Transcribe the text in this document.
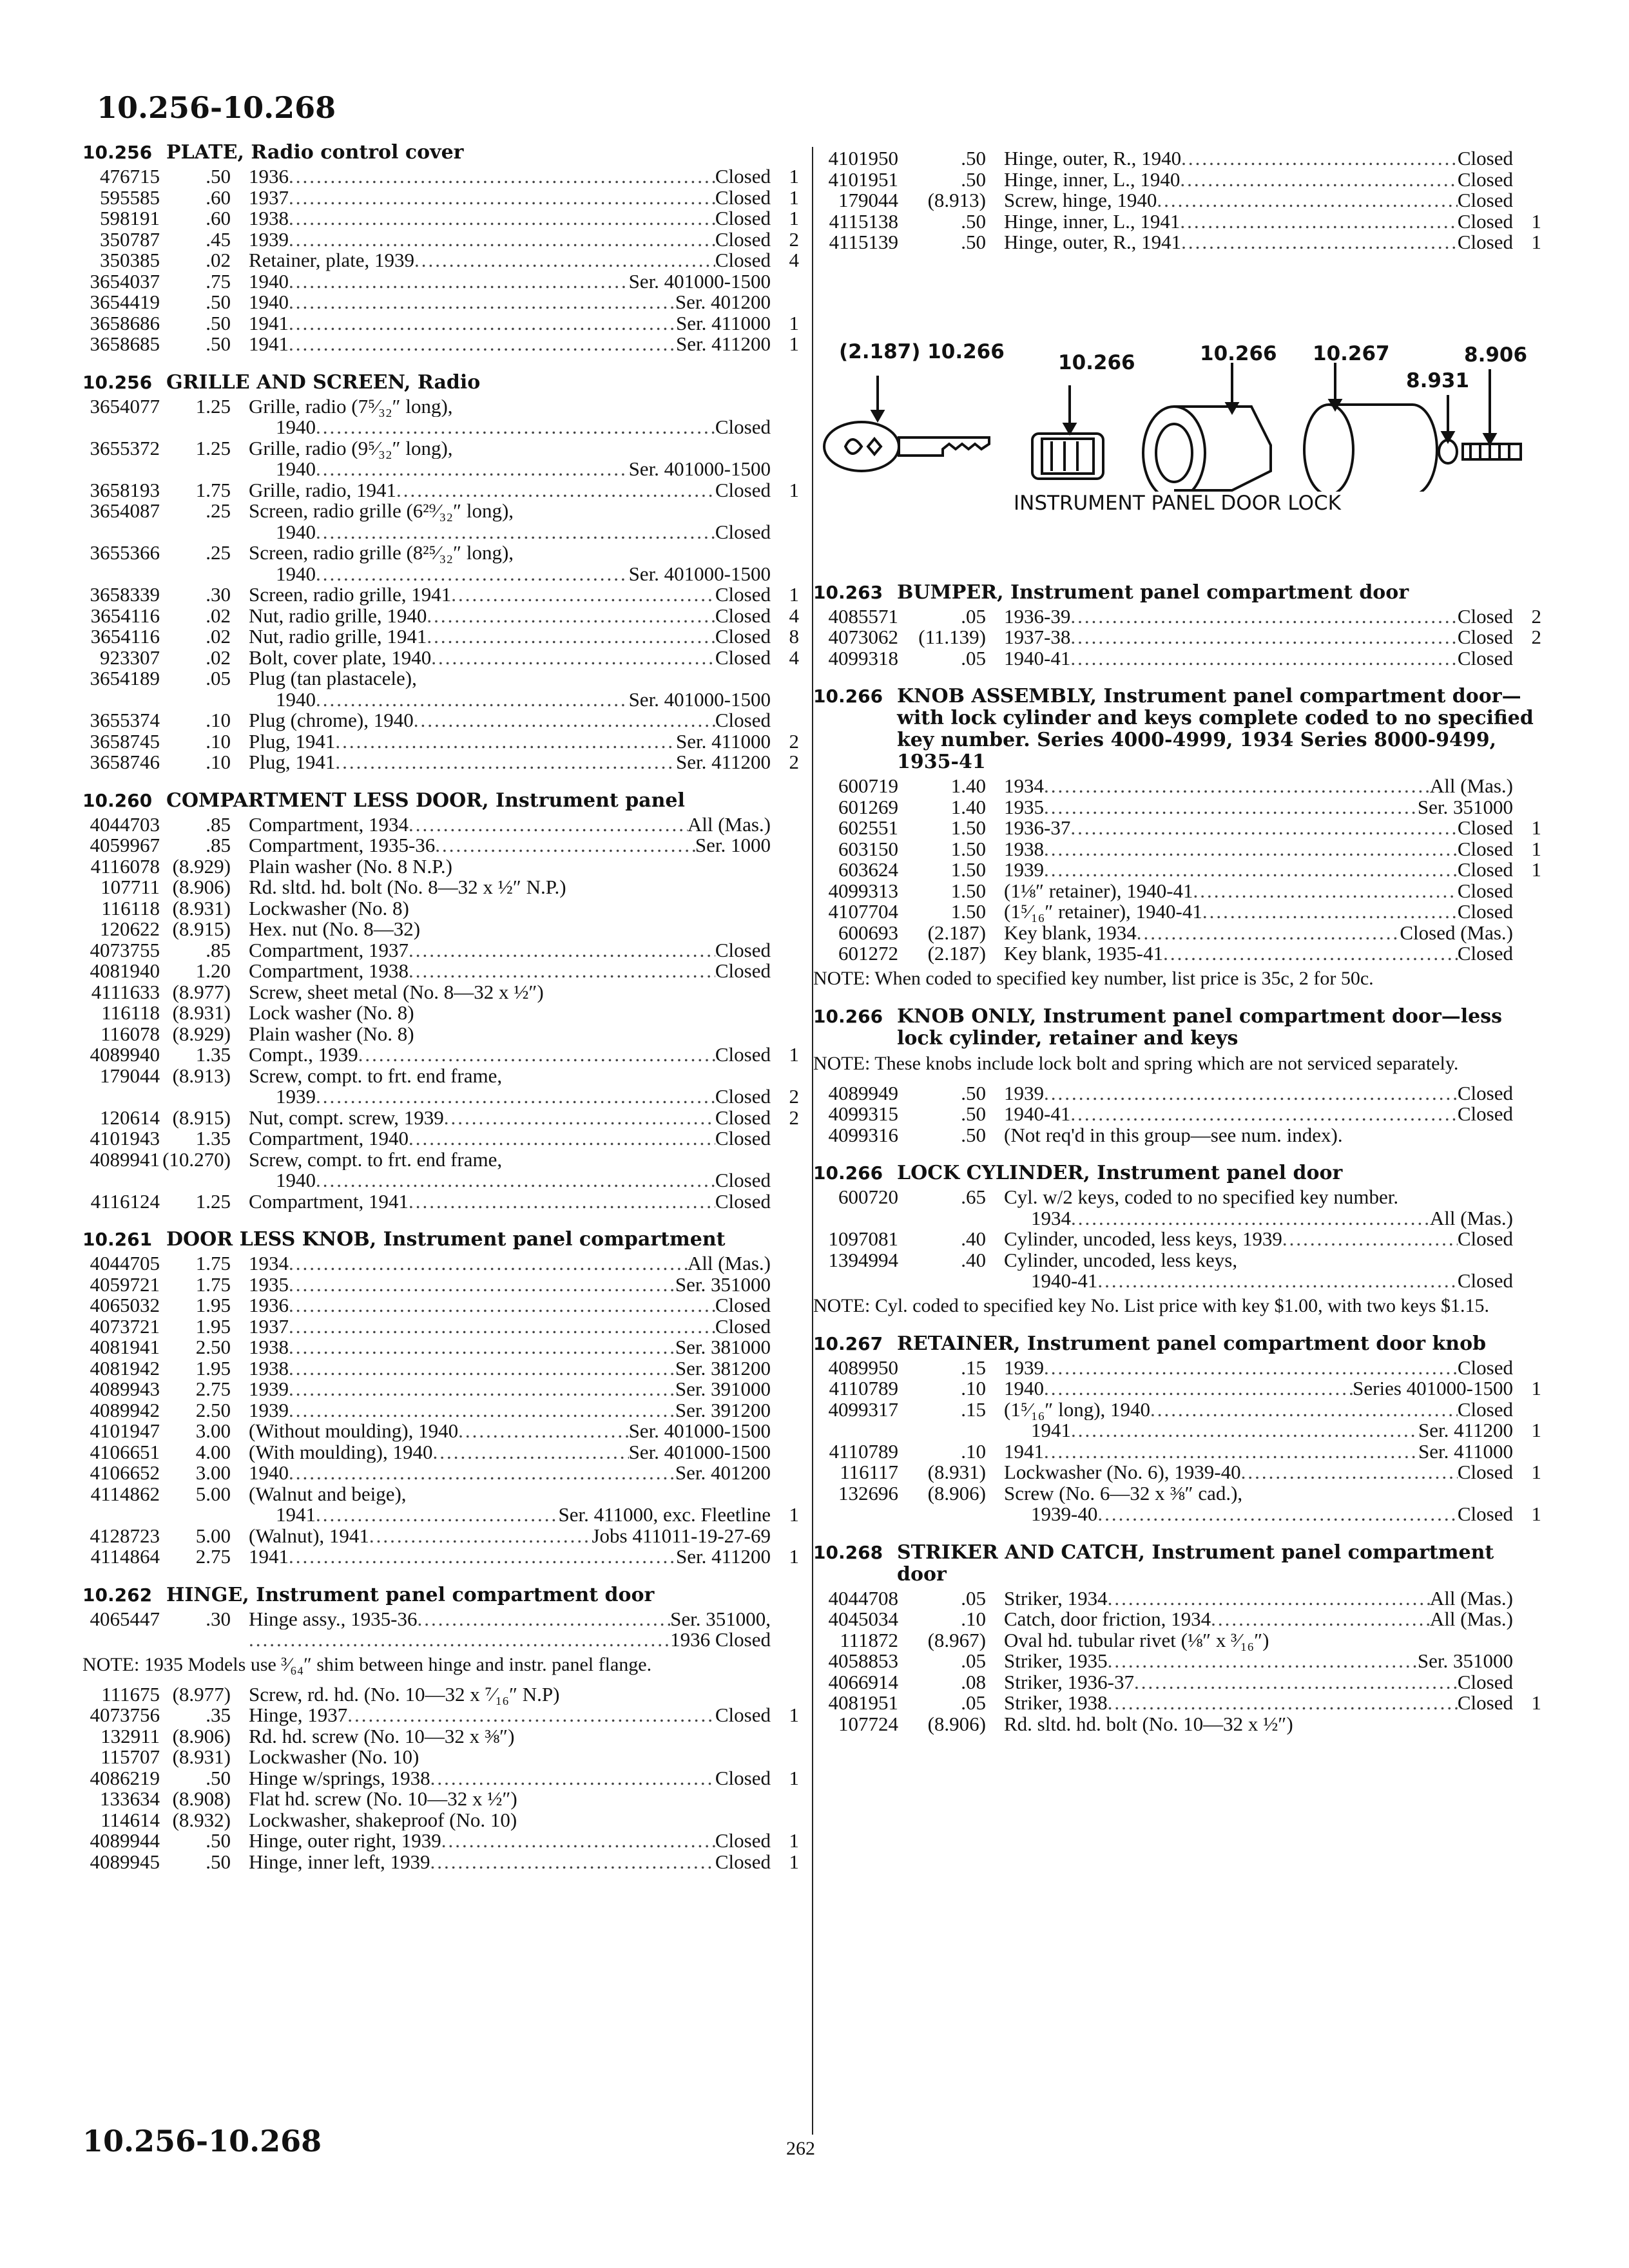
10.256-10.268
10.256 PLATE, Radio control cover
476715	.50 1936 .....	Closed 1
595585	.60 1937 .....	Closed 1
598191	.60 1938 .....	Closed 1
350787	.45 1939 .....	Closed 2
350385	.02 Retainer, plate, 1939 .....	Closed 4
3654037	.75 1940 .....	Ser. 401000-1500
3654419	.50 1940 .....	Ser. 401200
3658686	.50 1941 .....	Ser. 411000 1
3658685	.50 1941 .....	Ser. 411200 1
10.256 GRILLE AND SCREEN, Radio
3654077	1.25 Grille, radio (7⁵⁄₃₂″ long),
1940 .....	Closed
3655372	1.25 Grille, radio (9⁵⁄₃₂″ long),
1940 .....	Ser. 401000-1500
3658193	1.75 Grille, radio, 1941 .....	Closed 1
3654087	.25 Screen, radio grille (6²⁹⁄₃₂″ long),
1940 .....	Closed
3655366	.25 Screen, radio grille (8²⁵⁄₃₂″ long),
1940 .....	Ser. 401000-1500
3658339	.30 Screen, radio grille, 1941 .....	Closed 1
3654116	.02 Nut, radio grille, 1940 .....	Closed 4
3654116	.02 Nut, radio grille, 1941 .....	Closed 8
923307	.02 Bolt, cover plate, 1940 .....	Closed 4
3654189	.05 Plug (tan plastacele),
1940 .....	Ser. 401000-1500
3655374	.10 Plug (chrome), 1940 .....	Closed
3658745	.10 Plug, 1941 .....	Ser. 411000 2
3658746	.10 Plug, 1941 .....	Ser. 411200 2
10.260 COMPARTMENT LESS DOOR, Instrument panel
4044703	.85 Compartment, 1934 .....	All (Mas.)
4059967	.85 Compartment, 1935-36 .....	Ser. 1000
4116078 (8.929) Plain washer (No. 8 N.P.)
107711 (8.906) Rd. sltd. hd. bolt (No. 8—32 x ½″ N.P.)
116118 (8.931) Lockwasher (No. 8)
120622 (8.915) Hex. nut (No. 8—32)
4073755	.85 Compartment, 1937 .....	Closed
4081940	1.20 Compartment, 1938 .....	Closed
4111633 (8.977) Screw, sheet metal (No. 8—32 x ½″)
116118 (8.931) Lock washer (No. 8)
116078 (8.929) Plain washer (No. 8)
4089940	1.35 Compt., 1939 .....	Closed 1
179044 (8.913) Screw, compt. to frt. end frame,
1939 .....	Closed 2
120614 (8.915) Nut, compt. screw, 1939 .....	Closed 2
4101943	1.35 Compartment, 1940 .....	Closed
4089941 (10.270) Screw, compt. to frt. end frame,
1940 .....	Closed
4116124	1.25 Compartment, 1941 .....	Closed
10.261 DOOR LESS KNOB, Instrument panel compartment
4044705	1.75 1934 .....	All (Mas.)
4059721	1.75 1935 .....	Ser. 351000
4065032	1.95 1936 .....	Closed
4073721	1.95 1937 .....	Closed
4081941	2.50 1938 .....	Ser. 381000
4081942	1.95 1938 .....	Ser. 381200
4089943	2.75 1939 .....	Ser. 391000
4089942	2.50 1939 .....	Ser. 391200
4101947	3.00 (Without moulding), 1940 .....	Ser. 401000-1500
4106651	4.00 (With moulding), 1940 .....	Ser. 401000-1500
4106652	3.00 1940 .....	Ser. 401200
4114862	5.00 (Walnut and beige),
1941 .....	Ser. 411000, exc. Fleetline 1
4128723	5.00 (Walnut), 1941 .....	Jobs 411011-19-27-69
4114864	2.75 1941 .....	Ser. 411200 1
10.262 HINGE, Instrument panel compartment door
4065447	.30 Hinge assy., 1935-36 .....	Ser. 351000,
.....
1936 Closed
NOTE: 1935 Models use ³⁄₆₄″ shim between hinge and instr. panel flange.
111675 (8.977) Screw, rd. hd. (No. 10—32 x ⁷⁄₁₆″ N.P)
4073756	.35 Hinge, 1937 .....	Closed 1
132911 (8.906) Rd. hd. screw (No. 10—32 x ⅜″)
115707 (8.931) Lockwasher (No. 10)
4086219	.50 Hinge w/springs, 1938 .....	Closed 1
133634 (8.908) Flat hd. screw (No. 10—32 x ½″)
114614 (8.932) Lockwasher, shakeproof (No. 10)
4089944	.50 Hinge, outer right, 1939 .....	Closed 1
4089945	.50 Hinge, inner left, 1939 .....	Closed 1
4101950	.50 Hinge, outer, R., 1940 .....	Closed
4101951	.50 Hinge, inner, L., 1940 .....	Closed
179044	(8.913) Screw, hinge, 1940 .....	Closed
4115138	.50 Hinge, inner, L., 1941 .....	Closed 1
4115139	.50 Hinge, outer, R., 1941 .....	Closed 1
(2.187) 10.266	10.266	10.266 10.267	8.906
8.931
INSTRUMENT PANEL DOOR LOCK
10.263 BUMPER, Instrument panel compartment door
4085571	.05 1936-39 .....	Closed 2
4073062	(11.139) 1937-38 .....	Closed 2
4099318	.05 1940-41 .....	Closed
10.266 KNOB ASSEMBLY, Instrument panel compartment door—with lock cylinder and keys complete coded to no specified key number. Series 4000-4999, 1934 Series 8000-9499, 1935-41
600719	1.40 1934 .....	All (Mas.)
601269	1.40 1935 .....	Ser. 351000
602551	1.50 1936-37 .....	Closed 1
603150	1.50 1938 .....	Closed 1
603624	1.50 1939 .....	Closed 1
4099313	1.50 (1⅛″ retainer), 1940-41 .....	Closed
4107704	1.50 (1⁵⁄₁₆″ retainer), 1940-41 .....	Closed
600693	(2.187) Key blank, 1934 .....	Closed (Mas.)
601272	(2.187) Key blank, 1935-41 .....	Closed
NOTE: When coded to specified key number, list price is 35c, 2 for 50c.
10.266 KNOB ONLY, Instrument panel compartment door—less lock cylinder, retainer and keys
NOTE: These knobs include lock bolt and spring which are not serviced separately.
4089949	.50 1939 .....	Closed
4099315	.50 1940-41 .....	Closed
4099316	.50 (Not req'd in this group—see num. index).
10.266 LOCK CYLINDER, Instrument panel door
600720	.65 Cyl. w/2 keys, coded to no specified key number.
1934 .....	All (Mas.)
1097081	.40 Cylinder, uncoded, less keys, 1939 .....	Closed
1394994	.40 Cylinder, uncoded, less keys,
1940-41 .....	Closed
NOTE: Cyl. coded to specified key No. List price with key $1.00, with two keys $1.15.
10.267 RETAINER, Instrument panel compartment door knob
4089950	.15 1939 .....	Closed
4110789	.10 1940 .....	Series 401000-1500 1
4099317	.15 (1⁵⁄₁₆″ long), 1940 .....	Closed
1941 .....	Ser. 411200 1
4110789	.10 1941 .....	Ser. 411000
116117	(8.931) Lockwasher (No. 6), 1939-40 .....	Closed 1
132696	(8.906) Screw (No. 6—32 x ⅜″ cad.),
1939-40 .....	Closed 1
10.268 STRIKER AND CATCH, Instrument panel compartment door
4044708	.05 Striker, 1934 .....	All (Mas.)
4045034	.10 Catch, door friction, 1934 .....	All (Mas.)
111872	(8.967) Oval hd. tubular rivet (⅛″ x ³⁄₁₆″)
4058853	.05 Striker, 1935 .....	Ser. 351000
4066914	.08 Striker, 1936-37 .....	Closed
4081951	.05 Striker, 1938 .....	Closed 1
107724	(8.906) Rd. sltd. hd. bolt (No. 10—32 x ½″)
10.256-10.268	262
